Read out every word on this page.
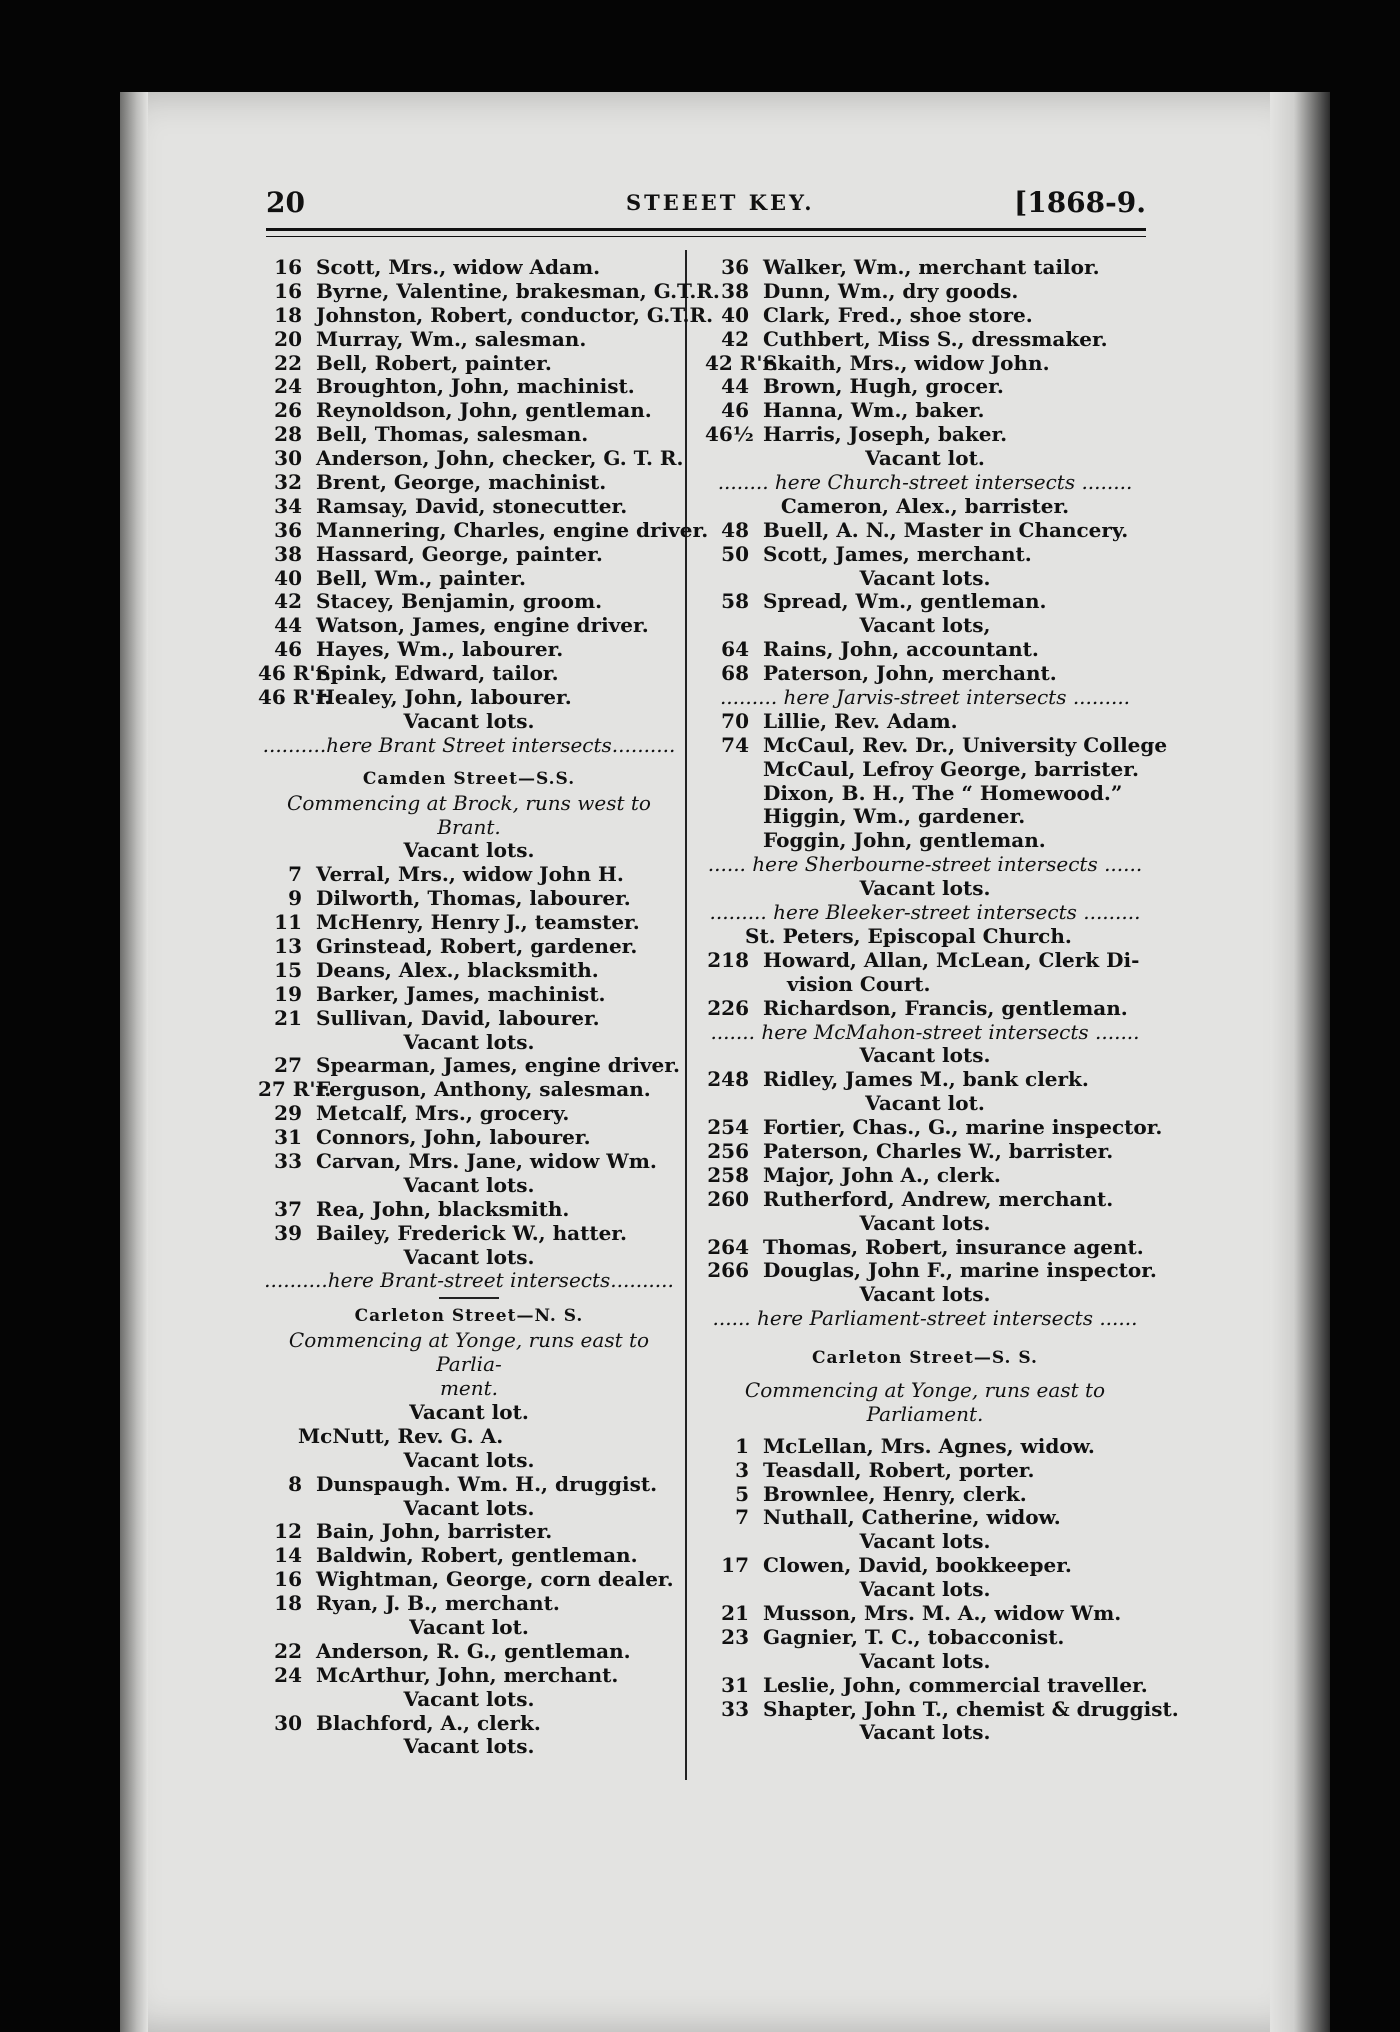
20	STEEET KEY.	[1868-9.
16 Scott, Mrs., widow Adam.
16 Byrne, Valentine, brakesman, G.T.R.
18 Johnston, Robert, conductor, G.T.R.
20 Murray, Wm., salesman.
22 Bell, Robert, painter.
24 Broughton, John, machinist.
26 Reynoldson, John, gentleman.
28 Bell, Thomas, salesman.
30 Anderson, John, checker, G. T. R.
32 Brent, George, machinist.
34 Ramsay, David, stonecutter.
36 Mannering, Charles, engine driver.
38 Hassard, George, painter.
40 Bell, Wm., painter.
42 Stacey, Benjamin, groom.
44 Watson, James, engine driver.
46 Hayes, Wm., labourer.
46 R'r.
Spink, Edward, tailor.
46 R'r.
Healey, John, labourer.
Vacant lots.
..........here Brant Street intersects..........
Camden Street—S.S.
Commencing at Brock, runs west to Brant.
Vacant lots.
7 Verral, Mrs., widow John H.
9 Dilworth, Thomas, labourer.
11 McHenry, Henry J., teamster.
13 Grinstead, Robert, gardener.
15 Deans, Alex., blacksmith.
19 Barker, James, machinist.
21 Sullivan, David, labourer.
Vacant lots.
27 Spearman, James, engine driver.
27 R'r.
Ferguson, Anthony, salesman.
29 Metcalf, Mrs., grocery.
31 Connors, John, labourer.
33 Carvan, Mrs. Jane, widow Wm.
Vacant lots.
37 Rea, John, blacksmith.
39 Bailey, Frederick W., hatter.
Vacant lots.
..........here Brant-street intersects..........
Carleton Street—N. S.
Commencing at Yonge, runs east to Parlia-
ment.
Vacant lot.
McNutt, Rev. G. A.
Vacant lots.
8 Dunspaugh. Wm. H., druggist.
Vacant lots.
12 Bain, John, barrister.
14 Baldwin, Robert, gentleman.
16 Wightman, George, corn dealer.
18 Ryan, J. B., merchant.
Vacant lot.
22 Anderson, R. G., gentleman.
24 McArthur, John, merchant.
Vacant lots.
30 Blachford, A., clerk.
Vacant lots.
36 Walker, Wm., merchant tailor.
38 Dunn, Wm., dry goods.
40 Clark, Fred., shoe store.
42 Cuthbert, Miss S., dressmaker.
42 R'r.
Skaith, Mrs., widow John.
44 Brown, Hugh, grocer.
46 Hanna, Wm., baker.
46½ Harris, Joseph, baker.
Vacant lot.
........ here Church-street intersects ........
Cameron, Alex., barrister.
48 Buell, A. N., Master in Chancery.
50 Scott, James, merchant.
Vacant lots.
58 Spread, Wm., gentleman.
Vacant lots,
64 Rains, John, accountant.
68 Paterson, John, merchant.
......... here Jarvis-street intersects .........
70 Lillie, Rev. Adam.
74 McCaul, Rev. Dr., University College
McCaul, Lefroy George, barrister.
Dixon, B. H., The “ Homewood.”
Higgin, Wm., gardener.
Foggin, John, gentleman.
...... here Sherbourne-street intersects ......
Vacant lots.
......... here Bleeker-street intersects .........
St. Peters, Episcopal Church.
218 Howard, Allan, McLean, Clerk Di-
vision Court.
226 Richardson, Francis, gentleman.
....... here McMahon-street intersects .......
Vacant lots.
248 Ridley, James M., bank clerk.
Vacant lot.
254 Fortier, Chas., G., marine inspector.
256 Paterson, Charles W., barrister.
258 Major, John A., clerk.
260 Rutherford, Andrew, merchant.
Vacant lots.
264 Thomas, Robert, insurance agent.
266 Douglas, John F., marine inspector.
Vacant lots.
...... here Parliament-street intersects ......
Carleton Street—S. S.
Commencing at Yonge, runs east to
Parliament.
1 McLellan, Mrs. Agnes, widow.
3 Teasdall, Robert, porter.
5 Brownlee, Henry, clerk.
7 Nuthall, Catherine, widow.
Vacant lots.
17 Clowen, David, bookkeeper.
Vacant lots.
21 Musson, Mrs. M. A., widow Wm.
23 Gagnier, T. C., tobacconist.
Vacant lots.
31 Leslie, John, commercial traveller.
33 Shapter, John T., chemist & druggist.
Vacant lots.
